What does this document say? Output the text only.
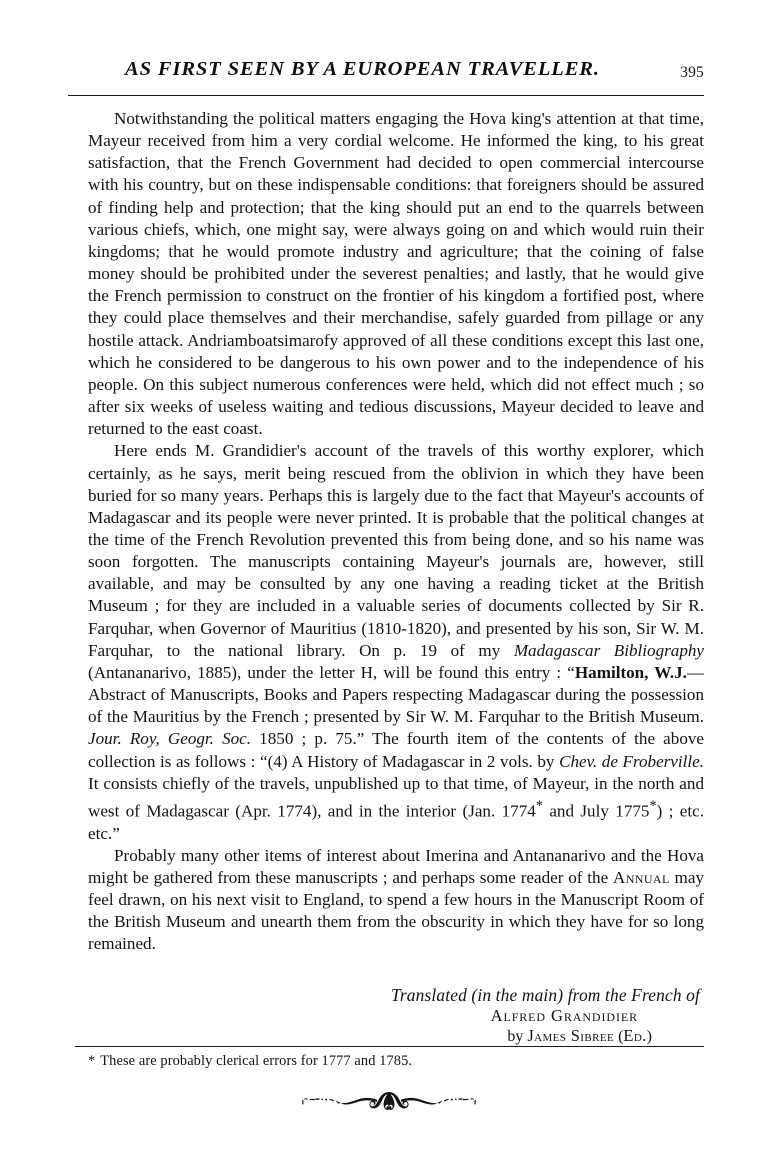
AS FIRST SEEN BY A EUROPEAN TRAVELLER.	395

Notwithstanding the political matters engaging the Hova king's attention at that time, Mayeur received from him a very cordial welcome. He informed the king, to his great satisfaction, that the French Government had decided to open commercial intercourse with his country, but on these indispensable conditions: that foreigners should be assured of finding help and protection; that the king should put an end to the quarrels between various chiefs, which, one might say, were always going on and which would ruin their kingdoms; that he would promote industry and agriculture; that the coining of false money should be prohibited under the severest penalties; and lastly, that he would give the French permission to construct on the frontier of his kingdom a fortified post, where they could place themselves and their merchandise, safely guarded from pillage or any hostile attack. Andriamboatsimarofy approved of all these conditions except this last one, which he considered to be dangerous to his own power and to the independence of his people. On this subject numerous conferences were held, which did not effect much ; so after six weeks of useless waiting and tedious discussions, Mayeur decided to leave and returned to the east coast.

Here ends M. Grandidier's account of the travels of this worthy explorer, which certainly, as he says, merit being rescued from the oblivion in which they have been buried for so many years. Perhaps this is largely due to the fact that Mayeur's accounts of Madagascar and its people were never printed. It is probable that the political changes at the time of the French Revolution prevented this from being done, and so his name was soon forgotten. The manuscripts containing Mayeur's journals are, however, still available, and may be consulted by any one having a reading ticket at the British Museum ; for they are included in a valuable series of documents collected by Sir R. Farquhar, when Governor of Mauritius (1810-1820), and presented by his son, Sir W. M. Farquhar, to the national library. On p. 19 of my Madagascar Bibliography (Antananarivo, 1885), under the letter H, will be found this entry : “Hamilton, W.J.—Abstract of Manuscripts, Books and Papers respecting Madagascar during the possession of the Mauritius by the French ; presented by Sir W. M. Farquhar to the British Museum. Jour. Roy, Geogr. Soc. 1850 ; p. 75.” The fourth item of the contents of the above collection is as follows : “(4) A History of Madagascar in 2 vols. by Chev. de Froberville. It consists chiefly of the travels, unpublished up to that time, of Mayeur, in the north and west of Madagascar (Apr. 1774), and in the interior (Jan. 1774* and July 1775*) ; etc. etc.”

Probably many other items of interest about Imerina and Antananarivo and the Hova might be gathered from these manuscripts ; and perhaps some reader of the Annual may feel drawn, on his next visit to England, to spend a few hours in the Manuscript Room of the British Museum and unearth them from the obscurity in which they have for so long remained.

Translated (in the main) from the French of
Alfred Grandidier
by James Sibree (Ed.)
* These are probably clerical errors for 1777 and 1785.
